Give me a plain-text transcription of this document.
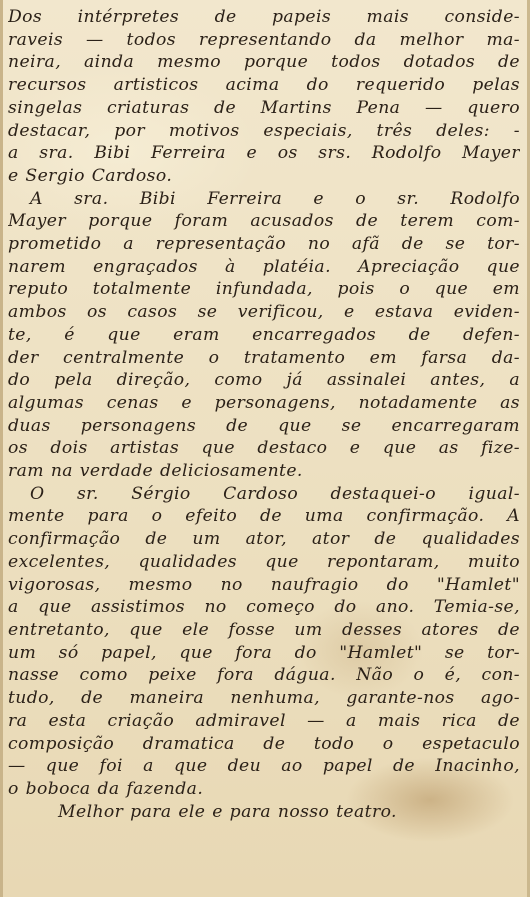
Dos intérpretes de papeis mais conside-
raveis — todos representando da melhor ma-
neira, ainda mesmo porque todos dotados de
recursos artisticos acima do requerido pelas
singelas criaturas de Martins Pena — quero
destacar, por motivos especiais, três deles: -
a sra. Bibi Ferreira e os srs. Rodolfo Mayer
e Sergio Cardoso.

A sra. Bibi Ferreira e o sr. Rodolfo
Mayer porque foram acusados de terem com-
prometido a representação no afã de se tor-
narem engraçados à platéia. Apreciação que
reputo totalmente infundada, pois o que em
ambos os casos se verificou, e estava eviden-
te, é que eram encarregados de defen-
der centralmente o tratamento em farsa da-
do pela direção, como já assinalei antes, a
algumas cenas e personagens, notadamente as
duas personagens de que se encarregaram
os dois artistas que destaco e que as fize-
ram na verdade deliciosamente.

O sr. Sérgio Cardoso destaquei-o igual-
mente para o efeito de uma confirmação. A
confirmação de um ator, ator de qualidades
excelentes, qualidades que repontaram, muito
vigorosas, mesmo no naufragio do "Hamlet"
a que assistimos no começo do ano. Temia-se,
entretanto, que ele fosse um desses atores de
um só papel, que fora do "Hamlet" se tor-
nasse como peixe fora dágua. Não o é, con-
tudo, de maneira nenhuma, garante-nos ago-
ra esta criação admiravel — a mais rica de
composição dramatica de todo o espetaculo
— que foi a que deu ao papel de Inacinho,
o boboca da fazenda.

Melhor para ele e para nosso teatro.
